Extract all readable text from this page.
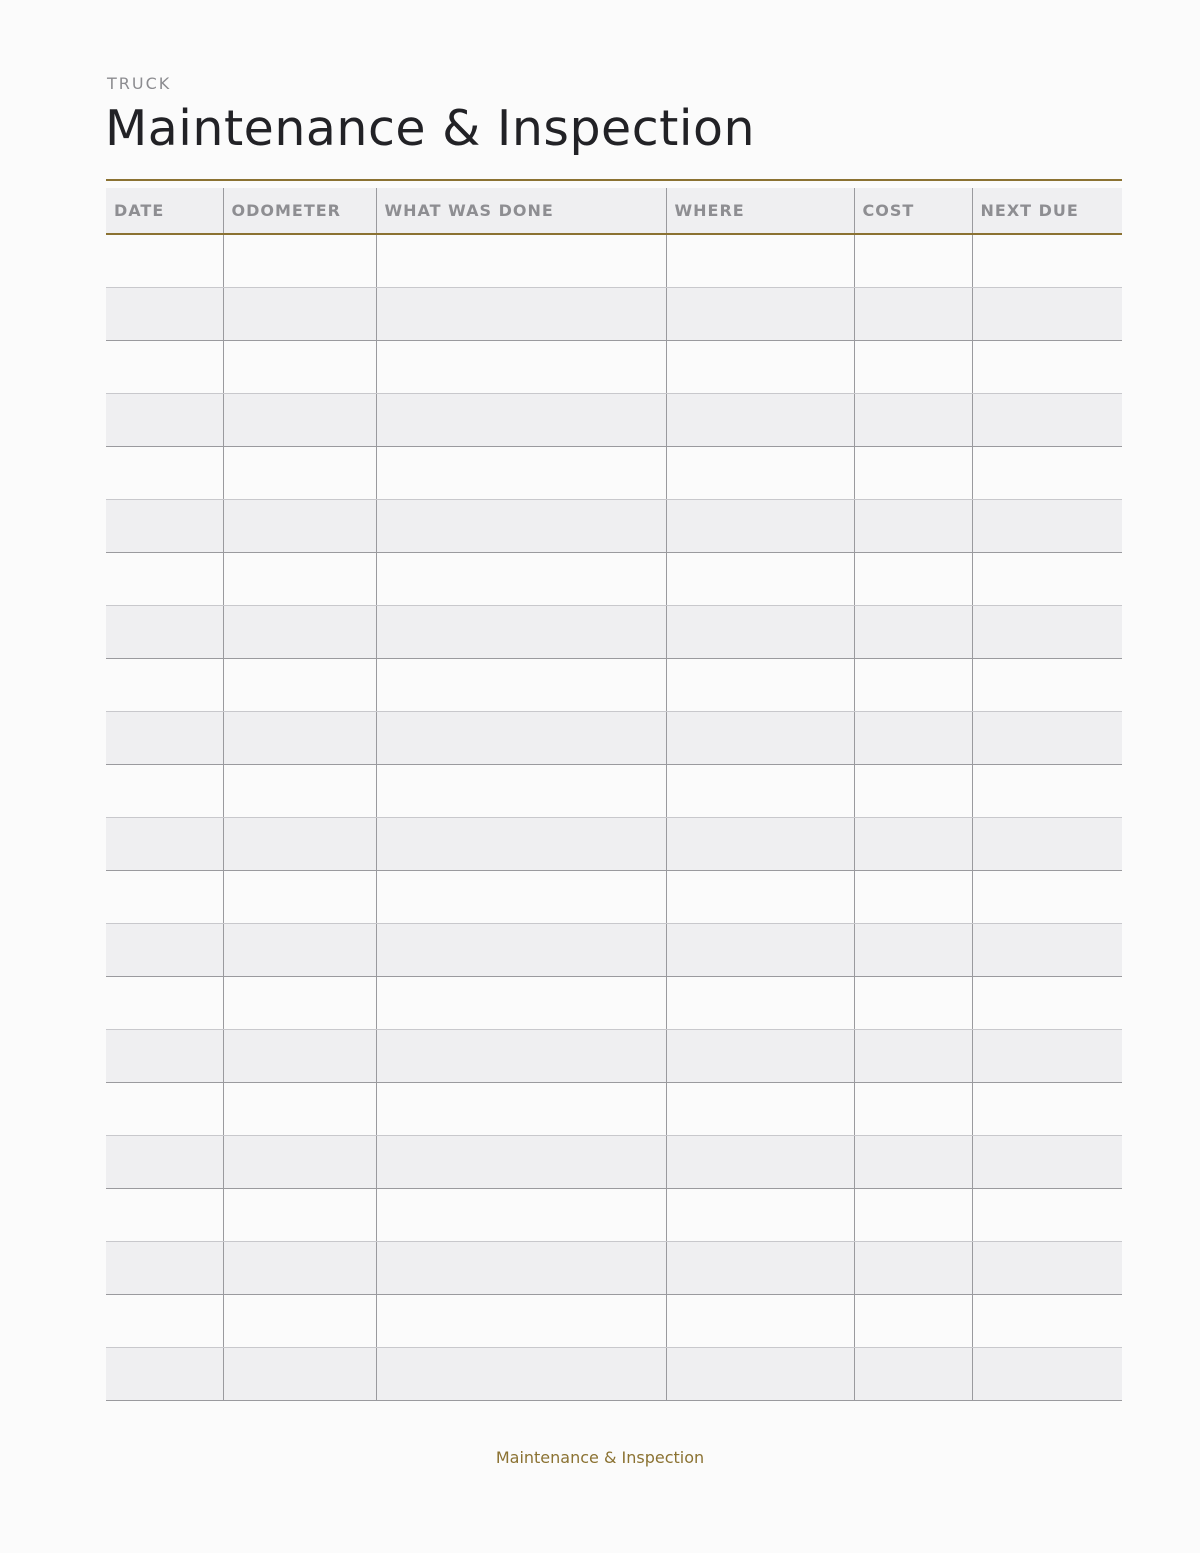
TRUCK
Maintenance & Inspection
DATE	ODOMETER	WHAT WAS DONE	WHERE	COST	NEXT DUE

Maintenance & Inspection
